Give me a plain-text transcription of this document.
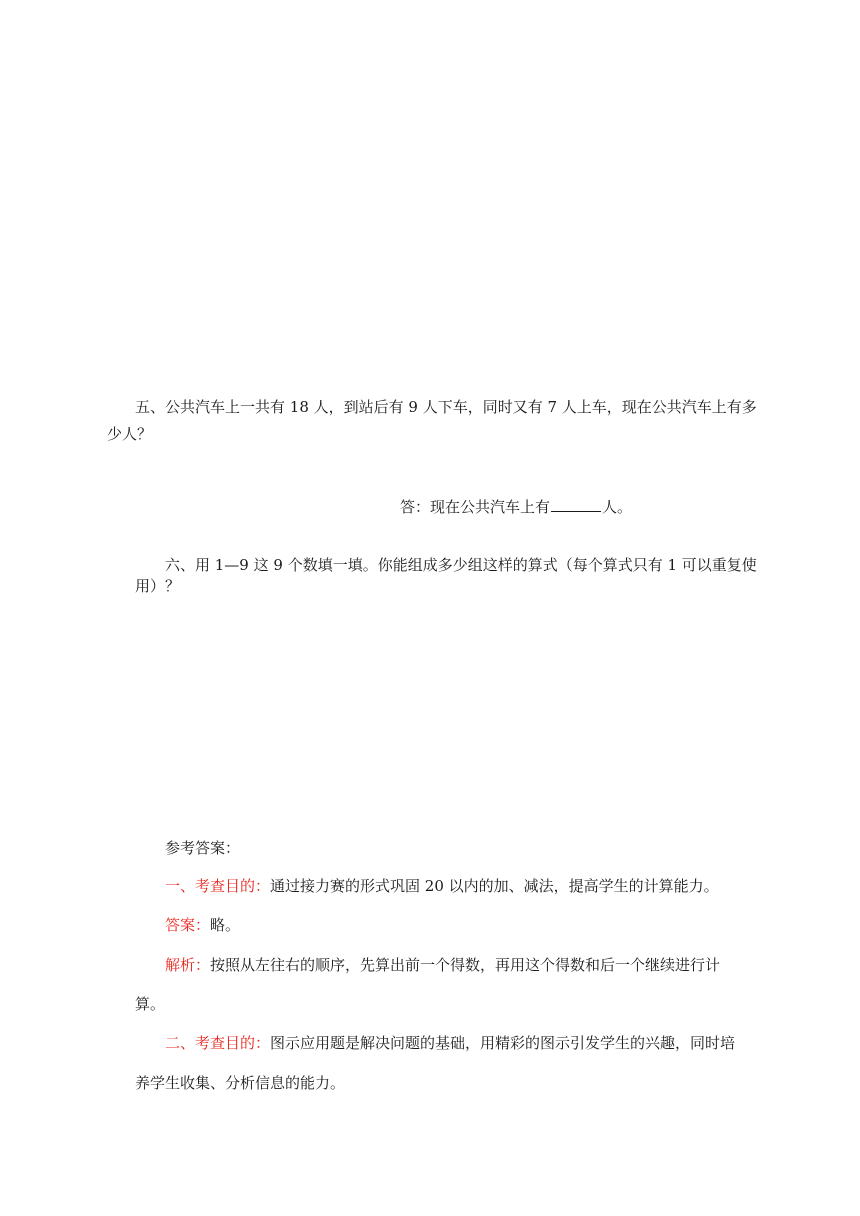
五、公共汽车上一共有 18 人，到站后有 9 人下车，同时又有 7 人上车，现在公共汽车上有多
少人？
答：现在公共汽车上有	人。
六、用 1—9 这 9 个数填一填。你能组成多少组这样的算式（每个算式只有 1 可以重复使
用）？
参考答案：
一、考查目的：通过接力赛的形式巩固 20 以内的加、减法，提高学生的计算能力。
答案：略。
解析：按照从左往右的顺序，先算出前一个得数，再用这个得数和后一个继续进行计
算。
二、考查目的：图示应用题是解决问题的基础，用精彩的图示引发学生的兴趣，同时培
养学生收集、分析信息的能力。
